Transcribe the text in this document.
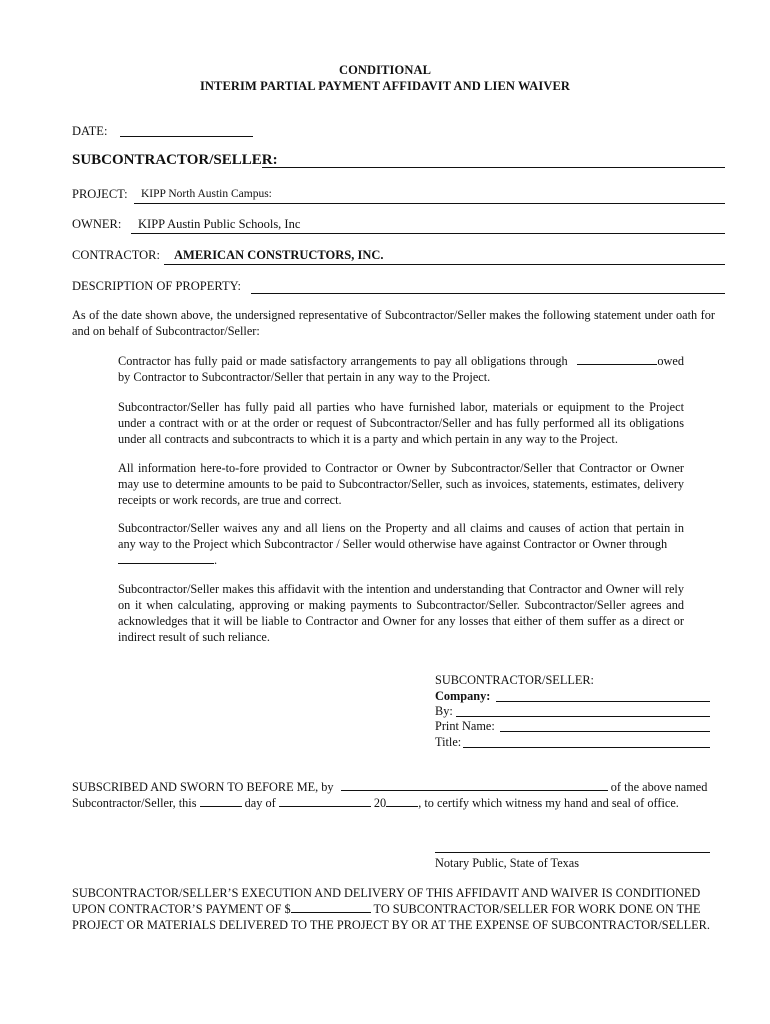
CONDITIONAL
INTERIM PARTIAL PAYMENT AFFIDAVIT AND LIEN WAIVER
DATE:
SUBCONTRACTOR/SELLER:
PROJECT: KIPP North Austin Campus:
OWNER: KIPP Austin Public Schools, Inc
CONTRACTOR: AMERICAN CONSTRUCTORS, INC.
DESCRIPTION OF PROPERTY:
As of the date shown above, the undersigned representative of Subcontractor/Seller makes the following statement under oath for and on behalf of Subcontractor/Seller:
Contractor has fully paid or made satisfactory arrangements to pay all obligations through	owed by Contractor to Subcontractor/Seller that pertain in any way to the Project.
Subcontractor/Seller has fully paid all parties who have furnished labor, materials or equipment to the Project under a contract with or at the order or request of Subcontractor/Seller and has fully performed all its obligations under all contracts and subcontracts to which it is a party and which pertain in any way to the Project.
All information here-to-fore provided to Contractor or Owner by Subcontractor/Seller that Contractor or Owner may use to determine amounts to be paid to Subcontractor/Seller, such as invoices, statements, estimates, delivery receipts or work records, are true and correct.
Subcontractor/Seller waives any and all liens on the Property and all claims and causes of action that pertain in any way to the Project which Subcontractor / Seller would otherwise have against Contractor or Owner through
.
Subcontractor/Seller makes this affidavit with the intention and understanding that Contractor and Owner will rely on it when calculating, approving or making payments to Subcontractor/Seller. Subcontractor/Seller agrees and acknowledges that it will be liable to Contractor and Owner for any losses that either of them suffer as a direct or indirect result of such reliance.
SUBCONTRACTOR/SELLER:
Company:
By:
Print Name:
Title:
SUBSCRIBED AND SWORN TO BEFORE ME, by	of the above named
Subcontractor/Seller, this	day of	20	, to certify which witness my hand and seal of office.
Notary Public, State of Texas
SUBCONTRACTOR/SELLER’S EXECUTION AND DELIVERY OF THIS AFFIDAVIT AND WAIVER IS CONDITIONED
UPON CONTRACTOR’S PAYMENT OF $	TO SUBCONTRACTOR/SELLER FOR WORK DONE ON THE
PROJECT OR MATERIALS DELIVERED TO THE PROJECT BY OR AT THE EXPENSE OF SUBCONTRACTOR/SELLER.
